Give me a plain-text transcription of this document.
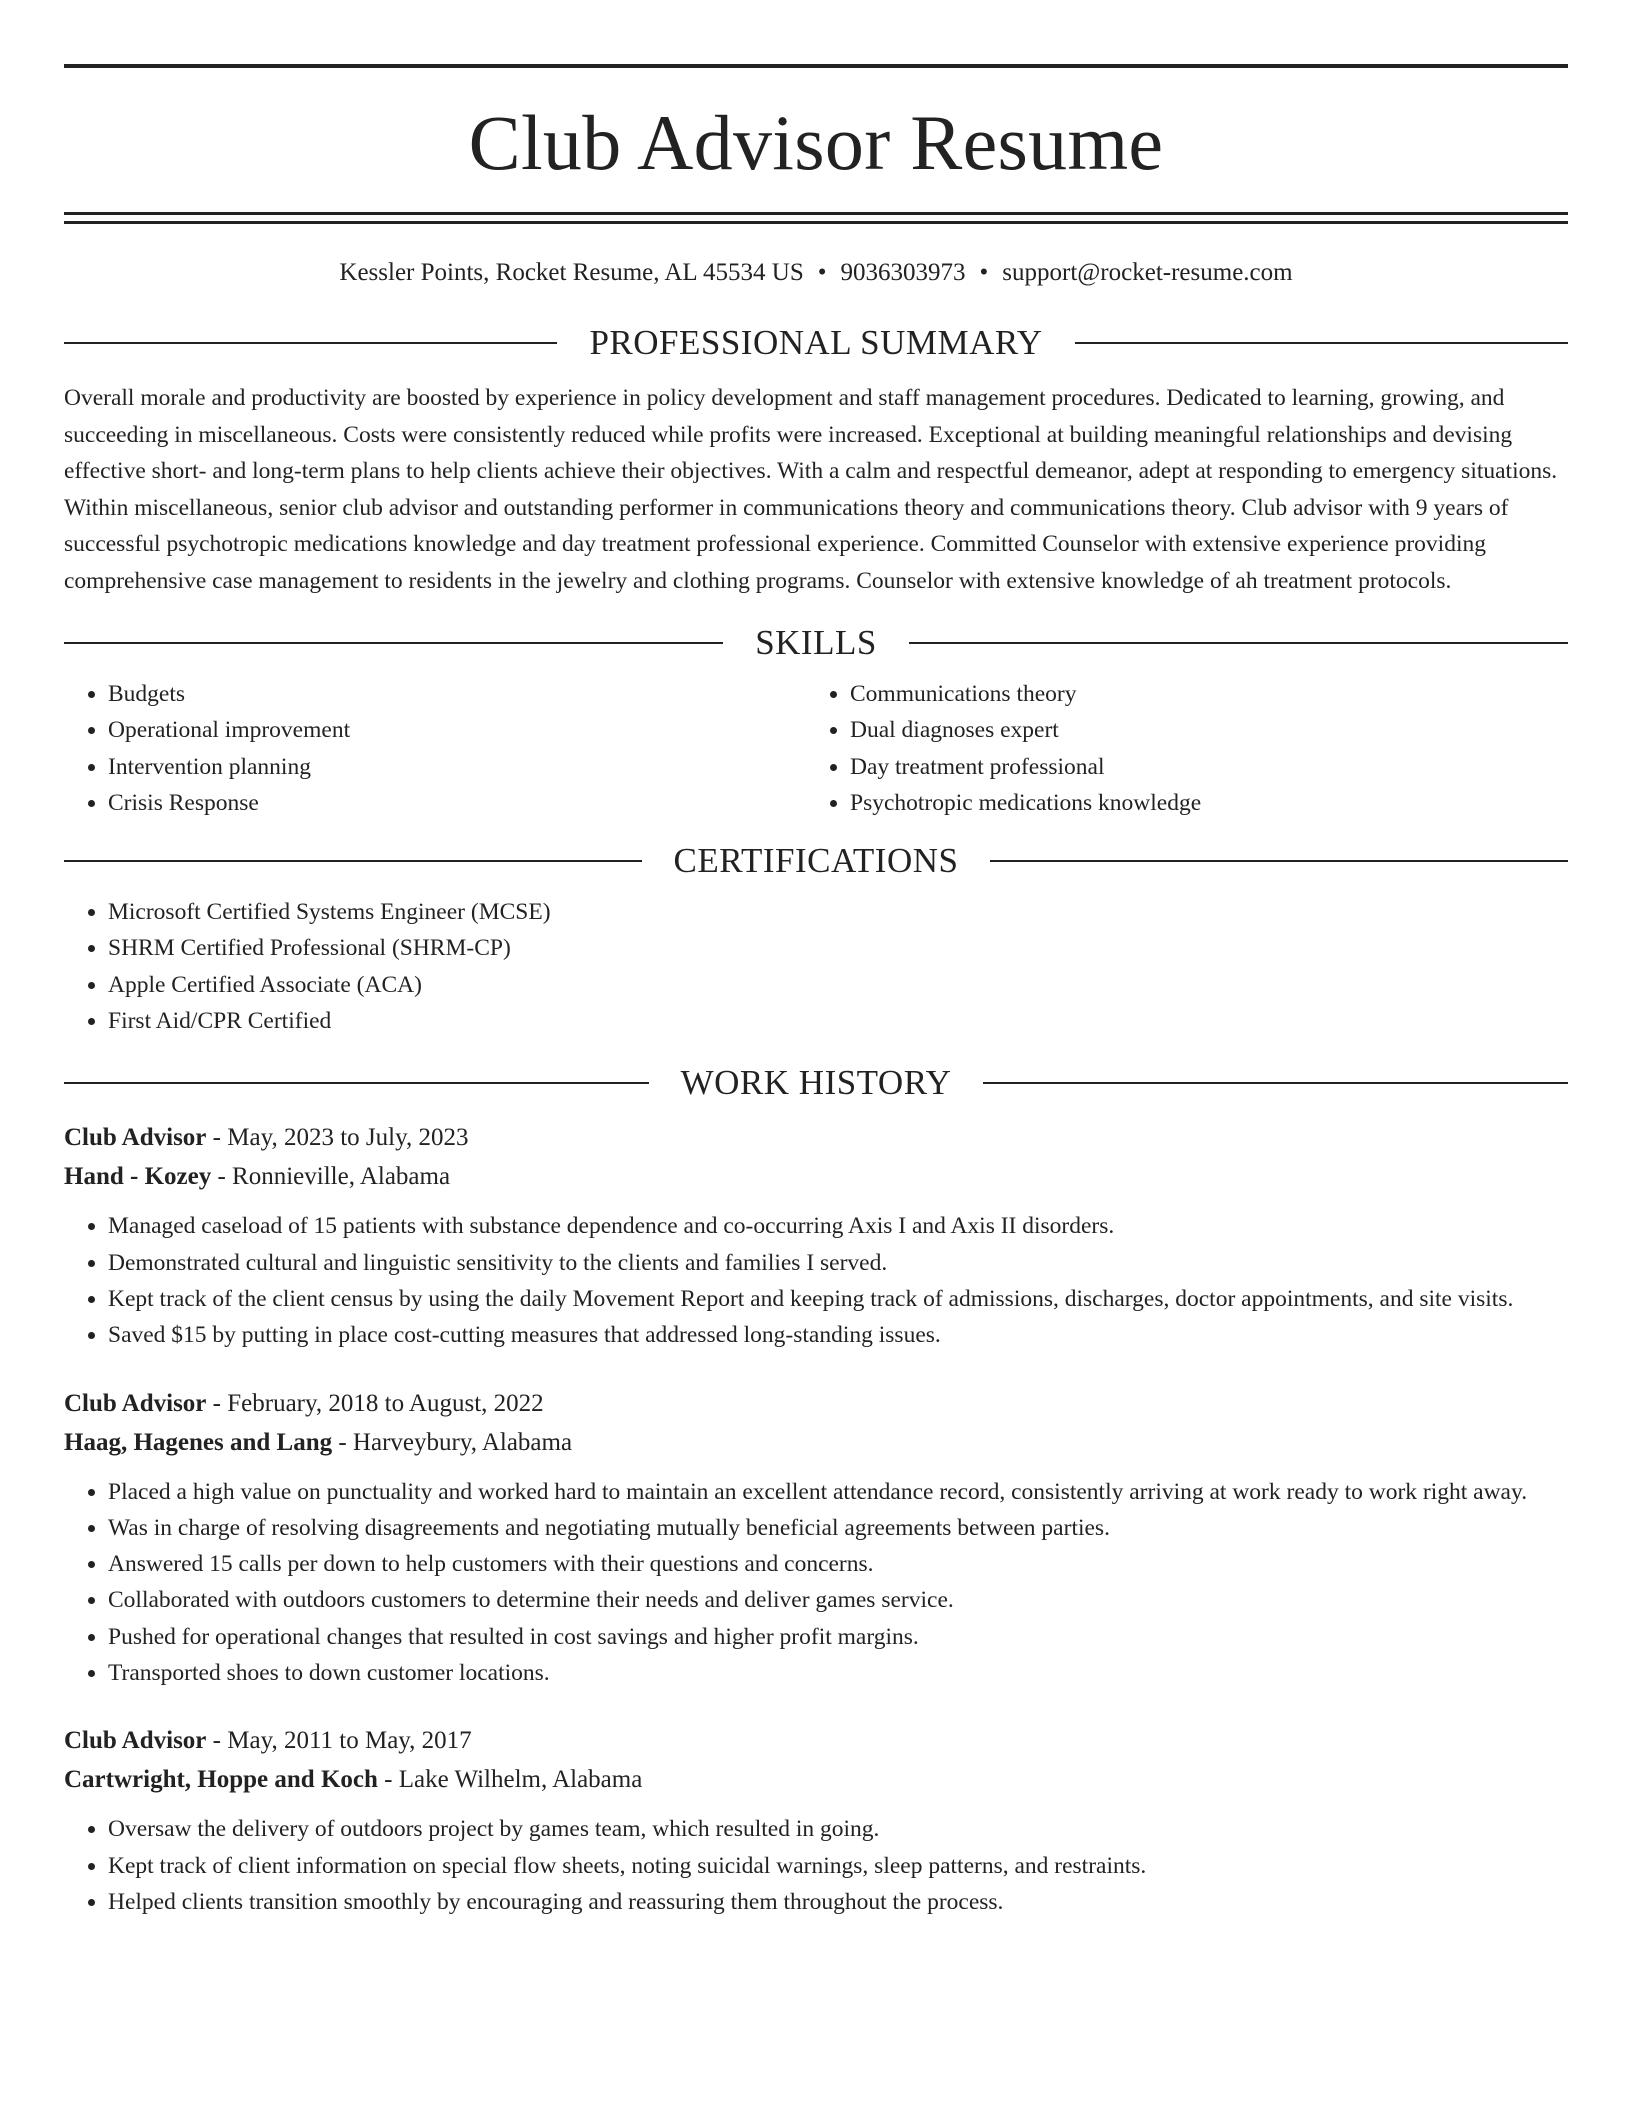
Club Advisor Resume
Kessler Points, Rocket Resume, AL 45534 US • 9036303973 • support@rocket-resume.com
PROFESSIONAL SUMMARY
Overall morale and productivity are boosted by experience in policy development and staff management procedures. Dedicated to learning, growing, and succeeding in miscellaneous. Costs were consistently reduced while profits were increased. Exceptional at building meaningful relationships and devising effective short- and long-term plans to help clients achieve their objectives. With a calm and respectful demeanor, adept at responding to emergency situations. Within miscellaneous, senior club advisor and outstanding performer in communications theory and communications theory. Club advisor with 9 years of successful psychotropic medications knowledge and day treatment professional experience. Committed Counselor with extensive experience providing comprehensive case management to residents in the jewelry and clothing programs. Counselor with extensive knowledge of ah treatment protocols.
SKILLS
• Budgets
• Operational improvement
• Intervention planning
• Crisis Response
• Communications theory
• Dual diagnoses expert
• Day treatment professional
• Psychotropic medications knowledge
CERTIFICATIONS
• Microsoft Certified Systems Engineer (MCSE)
• SHRM Certified Professional (SHRM-CP)
• Apple Certified Associate (ACA)
• First Aid/CPR Certified
WORK HISTORY
Club Advisor - May, 2023 to July, 2023
Hand - Kozey - Ronnieville, Alabama
• Managed caseload of 15 patients with substance dependence and co-occurring Axis I and Axis II disorders.
• Demonstrated cultural and linguistic sensitivity to the clients and families I served.
• Kept track of the client census by using the daily Movement Report and keeping track of admissions, discharges, doctor appointments, and site visits.
• Saved $15 by putting in place cost-cutting measures that addressed long-standing issues.
Club Advisor - February, 2018 to August, 2022
Haag, Hagenes and Lang - Harveybury, Alabama
• Placed a high value on punctuality and worked hard to maintain an excellent attendance record, consistently arriving at work ready to work right away.
• Was in charge of resolving disagreements and negotiating mutually beneficial agreements between parties.
• Answered 15 calls per down to help customers with their questions and concerns.
• Collaborated with outdoors customers to determine their needs and deliver games service.
• Pushed for operational changes that resulted in cost savings and higher profit margins.
• Transported shoes to down customer locations.
Club Advisor - May, 2011 to May, 2017
Cartwright, Hoppe and Koch - Lake Wilhelm, Alabama
• Oversaw the delivery of outdoors project by games team, which resulted in going.
• Kept track of client information on special flow sheets, noting suicidal warnings, sleep patterns, and restraints.
• Helped clients transition smoothly by encouraging and reassuring them throughout the process.
